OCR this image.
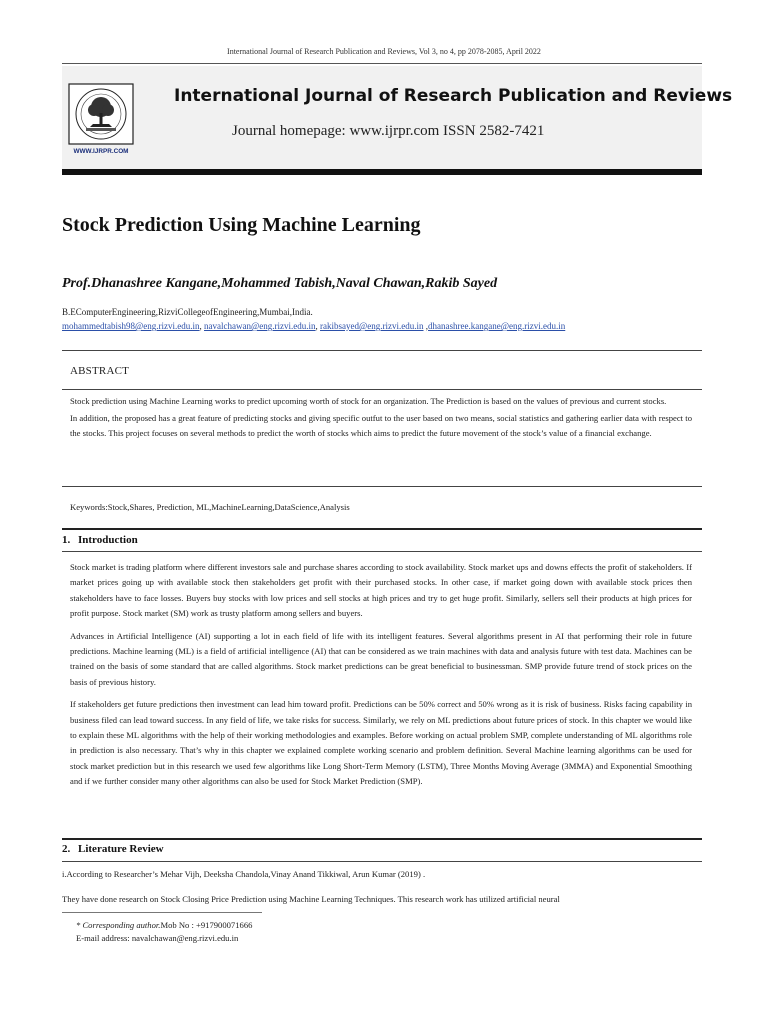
International Journal of Research Publication and Reviews, Vol 3, no 4, pp 2078-2085, April 2022
WWW.IJRPR.COM
International Journal of Research Publication and Reviews
Journal homepage: www.ijrpr.com ISSN 2582-7421
Stock Prediction Using Machine Learning
Prof.Dhanashree Kangane,Mohammed Tabish,Naval Chawan,Rakib Sayed
B.EComputerEngineering,RizviCollegeofEngineering,Mumbai,India.
mohammedtabish98@eng.rizvi.edu.in, navalchawan@eng.rizvi.edu.in, rakibsayed@eng.rizvi.edu.in ,dhanashree.kangane@eng.rizvi.edu.in
ABSTRACT

Stock prediction using Machine Learning works to predict upcoming worth of stock for an organization. The Prediction is based on the values of previous and current stocks.

In addition, the proposed has a great feature of predicting stocks and giving specific outfut to the user based on two means, social statistics and gathering earlier data with respect to the stocks. This project focuses on several methods to predict the worth of stocks which aims to predict the future movement of the stock’s value of a financial exchange.

Keywords:Stock,Shares, Prediction, ML,MachineLearning,DataScience,Analysis
1. Introduction

Stock market is trading platform where different investors sale and purchase shares according to stock availability. Stock market ups and downs effects the profit of stakeholders. If market prices going up with available stock then stakeholders get profit with their purchased stocks. In other case, if market going down with available stock prices then stakeholders have to face losses. Buyers buy stocks with low prices and sell stocks at high prices and try to get huge profit. Similarly, sellers sell their products at high prices for profit purpose. Stock market (SM) work as trusty platform among sellers and buyers.

Advances in Artificial Intelligence (AI) supporting a lot in each field of life with its intelligent features. Several algorithms present in AI that performing their role in future predictions. Machine learning (ML) is a field of artificial intelligence (AI) that can be considered as we train machines with data and analysis future with test data. Machines can be trained on the basis of some standard that are called algorithms. Stock market predictions can be great beneficial to businessman. SMP provide future trend of stock prices on the basis of previous history.

If stakeholders get future predictions then investment can lead him toward profit. Predictions can be 50% correct and 50% wrong as it is risk of business. Risks facing capability in business filed can lead toward success. In any field of life, we take risks for success. Similarly, we rely on ML predictions about future prices of stock. In this chapter we would like to explain these ML algorithms with the help of their working methodologies and examples. Before working on actual problem SMP, complete understanding of ML algorithms role in prediction is also necessary. That’s why in this chapter we explained complete working scenario and problem definition. Several Machine learning algorithms can be used for stock market prediction but in this research we used few algorithms like Long Short-Term Memory (LSTM), Three Months Moving Average (3MMA) and Exponential Smoothing and if we further consider many other algorithms can also be used for Stock Market Prediction (SMP).

2. Literature Review
i.According to Researcher’s Mehar Vijh, Deeksha Chandola,Vinay Anand Tikkiwal, Arun Kumar (2019) .
They have done research on Stock Closing Price Prediction using Machine Learning Techniques. This research work has utilized artificial neural
* Corresponding author.Mob No : +917900071666
E-mail address: navalchawan@eng.rizvi.edu.in
